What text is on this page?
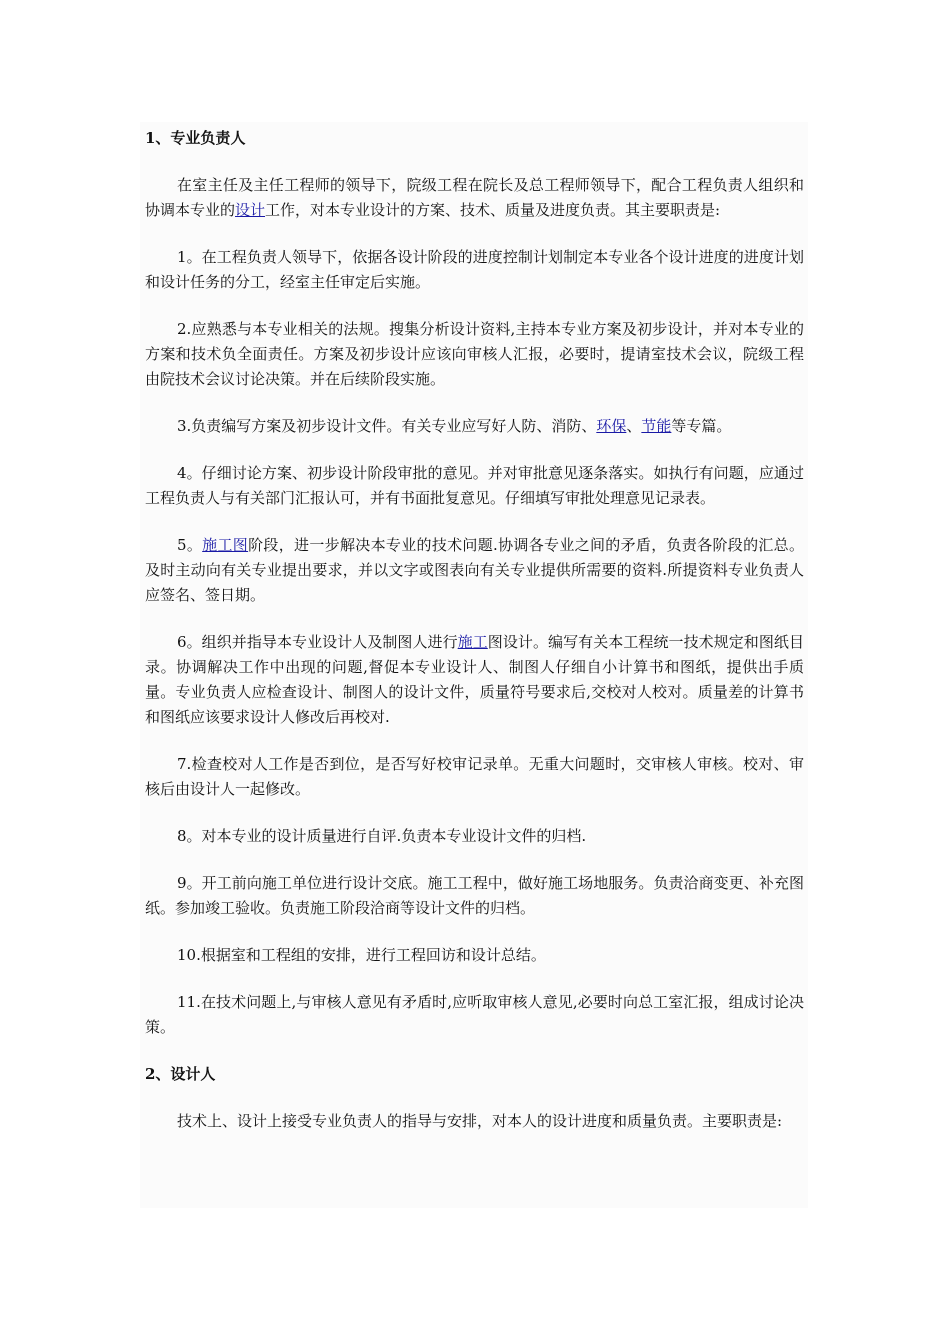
1、专业负责人

在室主任及主任工程师的领导下，院级工程在院长及总工程师领导下，配合工程负责人组织和协调本专业的设计工作，对本专业设计的方案、技术、质量及进度负责。其主要职责是:

1。在工程负责人领导下，依据各设计阶段的进度控制计划制定本专业各个设计进度的进度计划和设计任务的分工，经室主任审定后实施。

2.应熟悉与本专业相关的法规。搜集分析设计资料,主持本专业方案及初步设计，并对本专业的方案和技术负全面责任。方案及初步设计应该向审核人汇报，必要时，提请室技术会议，院级工程由院技术会议讨论决策。并在后续阶段实施。

3.负责编写方案及初步设计文件。有关专业应写好人防、消防、环保、节能等专篇。

4。仔细讨论方案、初步设计阶段审批的意见。并对审批意见逐条落实。如执行有问题，应通过工程负责人与有关部门汇报认可，并有书面批复意见。仔细填写审批处理意见记录表。

5。施工图阶段，进一步解决本专业的技术问题.协调各专业之间的矛盾，负责各阶段的汇总。及时主动向有关专业提出要求，并以文字或图表向有关专业提供所需要的资料.所提资料专业负责人应签名、签日期。

6。组织并指导本专业设计人及制图人进行施工图设计。编写有关本工程统一技术规定和图纸目录。协调解决工作中出现的问题,督促本专业设计人、制图人仔细自小计算书和图纸，提供出手质量。专业负责人应检查设计、制图人的设计文件，质量符号要求后,交校对人校对。质量差的计算书和图纸应该要求设计人修改后再校对.

7.检查校对人工作是否到位，是否写好校审记录单。无重大问题时，交审核人审核。校对、审核后由设计人一起修改。

8。对本专业的设计质量进行自评.负责本专业设计文件的归档.

9。开工前向施工单位进行设计交底。施工工程中，做好施工场地服务。负责洽商变更、补充图纸。参加竣工验收。负责施工阶段洽商等设计文件的归档。

10.根据室和工程组的安排，进行工程回访和设计总结。

11.在技术问题上,与审核人意见有矛盾时,应听取审核人意见,必要时向总工室汇报，组成讨论决策。

2、设计人

技术上、设计上接受专业负责人的指导与安排，对本人的设计进度和质量负责。主要职责是:
